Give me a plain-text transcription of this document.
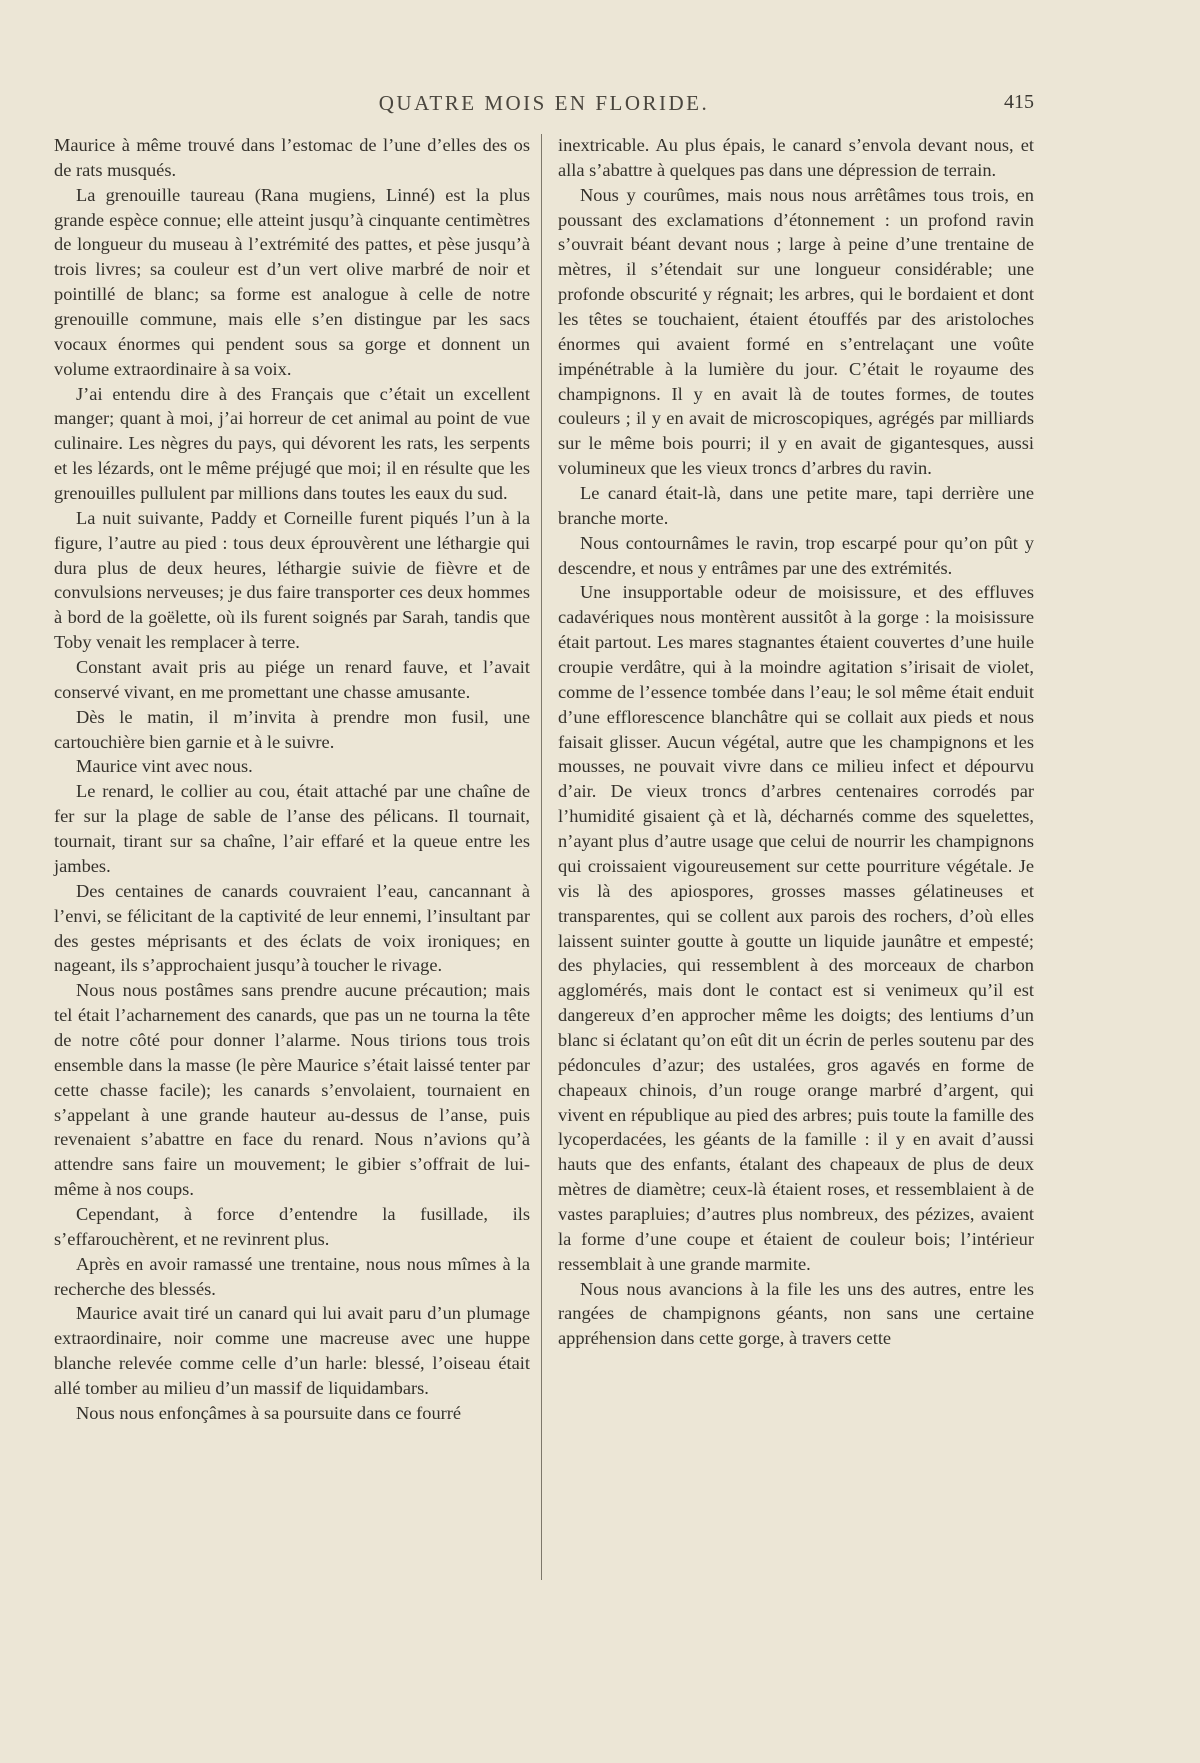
QUATRE MOIS EN FLORIDE.	415

Maurice à même trouvé dans l’estomac de l’une d’elles des os de rats musqués.

La grenouille taureau (Rana mugiens, Linné) est la plus grande espèce connue; elle atteint jusqu’à cinquante centimètres de longueur du museau à l’extrémité des pattes, et pèse jusqu’à trois livres; sa couleur est d’un vert olive marbré de noir et pointillé de blanc; sa forme est analogue à celle de notre grenouille commune, mais elle s’en distingue par les sacs vocaux énormes qui pendent sous sa gorge et donnent un volume extraordinaire à sa voix.

J’ai entendu dire à des Français que c’était un excellent manger; quant à moi, j’ai horreur de cet animal au point de vue culinaire. Les nègres du pays, qui dévorent les rats, les serpents et les lézards, ont le même préjugé que moi; il en résulte que les grenouilles pullulent par millions dans toutes les eaux du sud.

La nuit suivante, Paddy et Corneille furent piqués l’un à la figure, l’autre au pied : tous deux éprouvèrent une léthargie qui dura plus de deux heures, léthargie suivie de fièvre et de convulsions nerveuses; je dus faire transporter ces deux hommes à bord de la goëlette, où ils furent soignés par Sarah, tandis que Toby venait les remplacer à terre.

Constant avait pris au piége un renard fauve, et l’avait conservé vivant, en me promettant une chasse amusante.

Dès le matin, il m’invita à prendre mon fusil, une cartouchière bien garnie et à le suivre.

Maurice vint avec nous.

Le renard, le collier au cou, était attaché par une chaîne de fer sur la plage de sable de l’anse des pélicans. Il tournait, tournait, tirant sur sa chaîne, l’air effaré et la queue entre les jambes.

Des centaines de canards couvraient l’eau, cancannant à l’envi, se félicitant de la captivité de leur ennemi, l’insultant par des gestes méprisants et des éclats de voix ironiques; en nageant, ils s’approchaient jusqu’à toucher le rivage.

Nous nous postâmes sans prendre aucune précaution; mais tel était l’acharnement des canards, que pas un ne tourna la tête de notre côté pour donner l’alarme. Nous tirions tous trois ensemble dans la masse (le père Maurice s’était laissé tenter par cette chasse facile); les canards s’envolaient, tournaient en s’appelant à une grande hauteur au-dessus de l’anse, puis revenaient s’abattre en face du renard. Nous n’avions qu’à attendre sans faire un mouvement; le gibier s’offrait de lui-même à nos coups.

Cependant, à force d’entendre la fusillade, ils s’effarouchèrent, et ne revinrent plus.

Après en avoir ramassé une trentaine, nous nous mîmes à la recherche des blessés.

Maurice avait tiré un canard qui lui avait paru d’un plumage extraordinaire, noir comme une macreuse avec une huppe blanche relevée comme celle d’un harle: blessé, l’oiseau était allé tomber au milieu d’un massif de liquidambars.

Nous nous enfonçâmes à sa poursuite dans ce fourré

inextricable. Au plus épais, le canard s’envola devant nous, et alla s’abattre à quelques pas dans une dépression de terrain.

Nous y courûmes, mais nous nous arrêtâmes tous trois, en poussant des exclamations d’étonnement : un profond ravin s’ouvrait béant devant nous ; large à peine d’une trentaine de mètres, il s’étendait sur une longueur considérable; une profonde obscurité y régnait; les arbres, qui le bordaient et dont les têtes se touchaient, étaient étouffés par des aristoloches énormes qui avaient formé en s’entrelaçant une voûte impénétrable à la lumière du jour. C’était le royaume des champignons. Il y en avait là de toutes formes, de toutes couleurs ; il y en avait de microscopiques, agrégés par milliards sur le même bois pourri; il y en avait de gigantesques, aussi volumineux que les vieux troncs d’arbres du ravin.

Le canard était-là, dans une petite mare, tapi derrière une branche morte.

Nous contournâmes le ravin, trop escarpé pour qu’on pût y descendre, et nous y entrâmes par une des extrémités.

Une insupportable odeur de moisissure, et des effluves cadavériques nous montèrent aussitôt à la gorge : la moisissure était partout. Les mares stagnantes étaient couvertes d’une huile croupie verdâtre, qui à la moindre agitation s’irisait de violet, comme de l’essence tombée dans l’eau; le sol même était enduit d’une efflorescence blanchâtre qui se collait aux pieds et nous faisait glisser. Aucun végétal, autre que les champignons et les mousses, ne pouvait vivre dans ce milieu infect et dépourvu d’air. De vieux troncs d’arbres centenaires corrodés par l’humidité gisaient çà et là, décharnés comme des squelettes, n’ayant plus d’autre usage que celui de nourrir les champignons qui croissaient vigoureusement sur cette pourriture végétale. Je vis là des apiospores, grosses masses gélatineuses et transparentes, qui se collent aux parois des rochers, d’où elles laissent suinter goutte à goutte un liquide jaunâtre et empesté; des phylacies, qui ressemblent à des morceaux de charbon agglomérés, mais dont le contact est si venimeux qu’il est dangereux d’en approcher même les doigts; des lentiums d’un blanc si éclatant qu’on eût dit un écrin de perles soutenu par des pédoncules d’azur; des ustalées, gros agavés en forme de chapeaux chinois, d’un rouge orange marbré d’argent, qui vivent en république au pied des arbres; puis toute la famille des lycoperdacées, les géants de la famille : il y en avait d’aussi hauts que des enfants, étalant des chapeaux de plus de deux mètres de diamètre; ceux-là étaient roses, et ressemblaient à de vastes parapluies; d’autres plus nombreux, des pézizes, avaient la forme d’une coupe et étaient de couleur bois; l’intérieur ressemblait à une grande marmite.

Nous nous avancions à la file les uns des autres, entre les rangées de champignons géants, non sans une certaine appréhension dans cette gorge, à travers cette
